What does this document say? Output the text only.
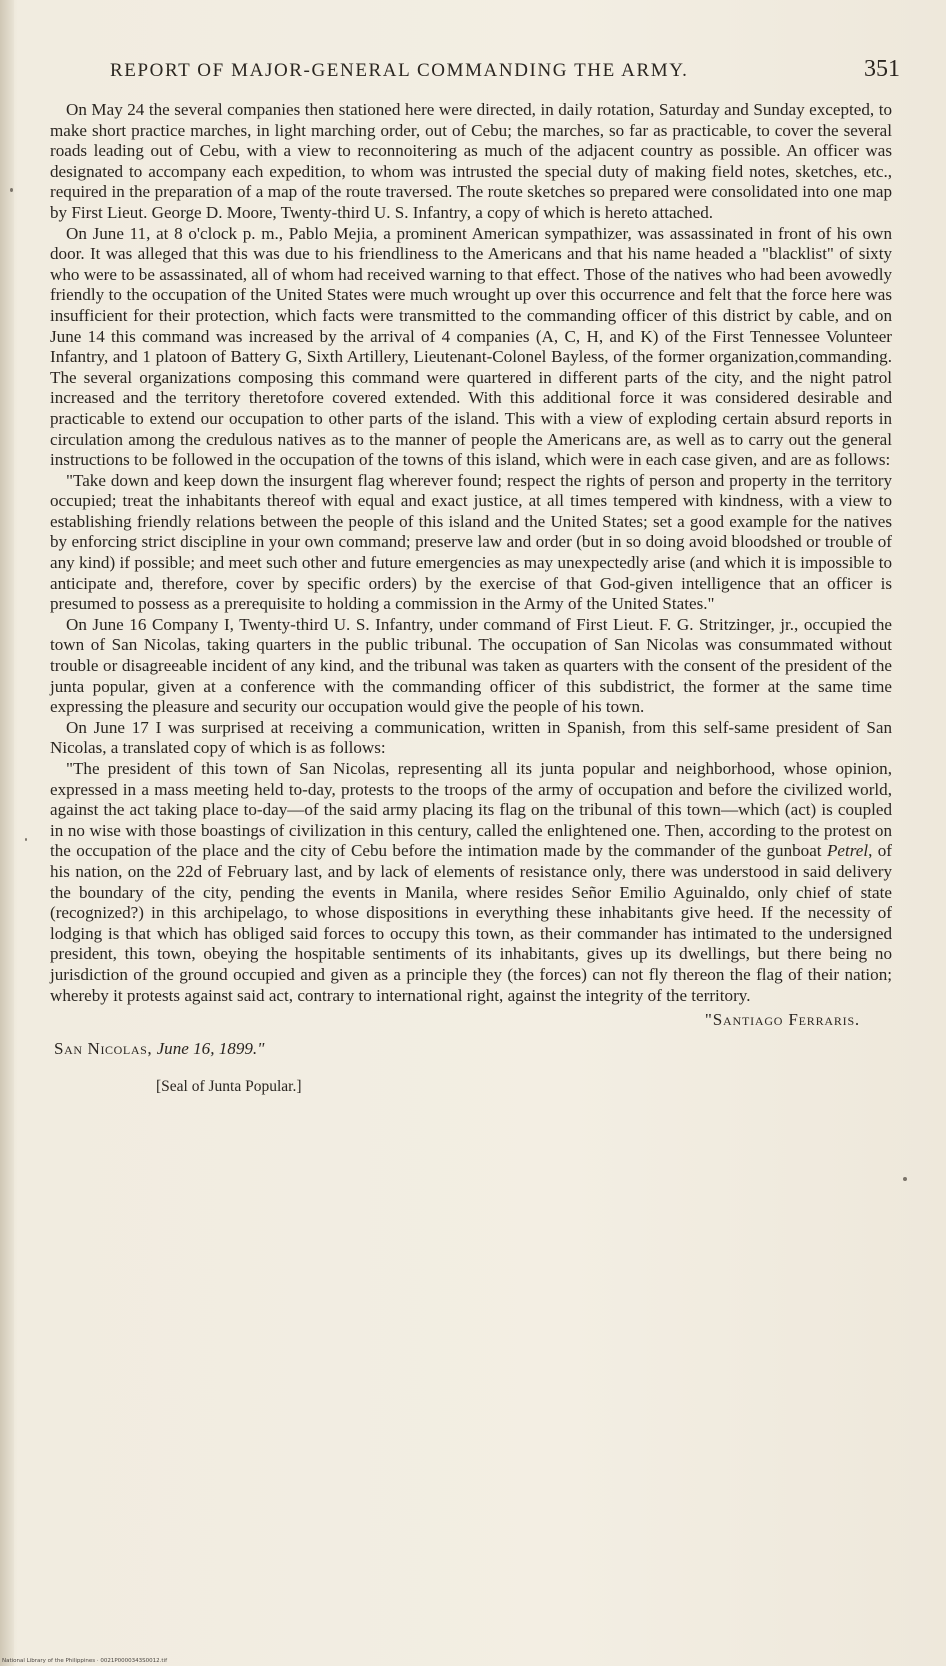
REPORT OF MAJOR-GENERAL COMMANDING THE ARMY.	351

On May 24 the several companies then stationed here were directed, in daily rotation, Saturday and Sunday excepted, to make short practice marches, in light marching order, out of Cebu; the marches, so far as practicable, to cover the several roads leading out of Cebu, with a view to reconnoitering as much of the adjacent country as possible. An officer was designated to accompany each expedition, to whom was intrusted the special duty of making field notes, sketches, etc., required in the preparation of a map of the route traversed. The route sketches so prepared were consolidated into one map by First Lieut. George D. Moore, Twenty-third U. S. Infantry, a copy of which is hereto attached.

On June 11, at 8 o'clock p. m., Pablo Mejia, a prominent American sympathizer, was assassinated in front of his own door. It was alleged that this was due to his friendliness to the Americans and that his name headed a "blacklist" of sixty who were to be assassinated, all of whom had received warning to that effect. Those of the natives who had been avowedly friendly to the occupation of the United States were much wrought up over this occurrence and felt that the force here was insufficient for their protection, which facts were transmitted to the commanding officer of this district by cable, and on June 14 this command was increased by the arrival of 4 companies (A, C, H, and K) of the First Tennessee Volunteer Infantry, and 1 platoon of Battery G, Sixth Artillery, Lieutenant-Colonel Bayless, of the former organization,commanding. The several organizations composing this command were quartered in different parts of the city, and the night patrol increased and the territory theretofore covered extended. With this additional force it was considered desirable and practicable to extend our occupation to other parts of the island. This with a view of exploding certain absurd reports in circulation among the credulous natives as to the manner of people the Americans are, as well as to carry out the general instructions to be followed in the occupation of the towns of this island, which were in each case given, and are as follows:

"Take down and keep down the insurgent flag wherever found; respect the rights of person and property in the territory occupied; treat the inhabitants thereof with equal and exact justice, at all times tempered with kindness, with a view to establishing friendly relations between the people of this island and the United States; set a good example for the natives by enforcing strict discipline in your own command; preserve law and order (but in so doing avoid bloodshed or trouble of any kind) if possible; and meet such other and future emergencies as may unexpectedly arise (and which it is impossible to anticipate and, therefore, cover by specific orders) by the exercise of that God-given intelligence that an officer is presumed to possess as a prerequisite to holding a commission in the Army of the United States."

On June 16 Company I, Twenty-third U. S. Infantry, under command of First Lieut. F. G. Stritzinger, jr., occupied the town of San Nicolas, taking quarters in the public tribunal. The occupation of San Nicolas was consummated without trouble or disagreeable incident of any kind, and the tribunal was taken as quarters with the consent of the president of the junta popular, given at a conference with the commanding officer of this subdistrict, the former at the same time expressing the pleasure and security our occupation would give the people of his town.

On June 17 I was surprised at receiving a communication, written in Spanish, from this self-same president of San Nicolas, a translated copy of which is as follows:

"The president of this town of San Nicolas, representing all its junta popular and neighborhood, whose opinion, expressed in a mass meeting held to-day, protests to the troops of the army of occupation and before the civilized world, against the act taking place to-day—of the said army placing its flag on the tribunal of this town—which (act) is coupled in no wise with those boastings of civilization in this century, called the enlightened one. Then, according to the protest on the occupation of the place and the city of Cebu before the intimation made by the commander of the gunboat Petrel, of his nation, on the 22d of February last, and by lack of elements of resistance only, there was understood in said delivery the boundary of the city, pending the events in Manila, where resides Señor Emilio Aguinaldo, only chief of state (recognized?) in this archipelago, to whose dispositions in everything these inhabitants give heed. If the necessity of lodging is that which has obliged said forces to occupy this town, as their commander has intimated to the undersigned president, this town, obeying the hospitable sentiments of its inhabitants, gives up its dwellings, but there being no jurisdiction of the ground occupied and given as a principle they (the forces) can not fly thereon the flag of their nation; whereby it protests against said act, contrary to international right, against the integrity of the territory.

"Santiago Ferraris.
San Nicolas, June 16, 1899."
[Seal of Junta Popular.]
National Library of the Philippines · 0021P0000343S0012.tif
